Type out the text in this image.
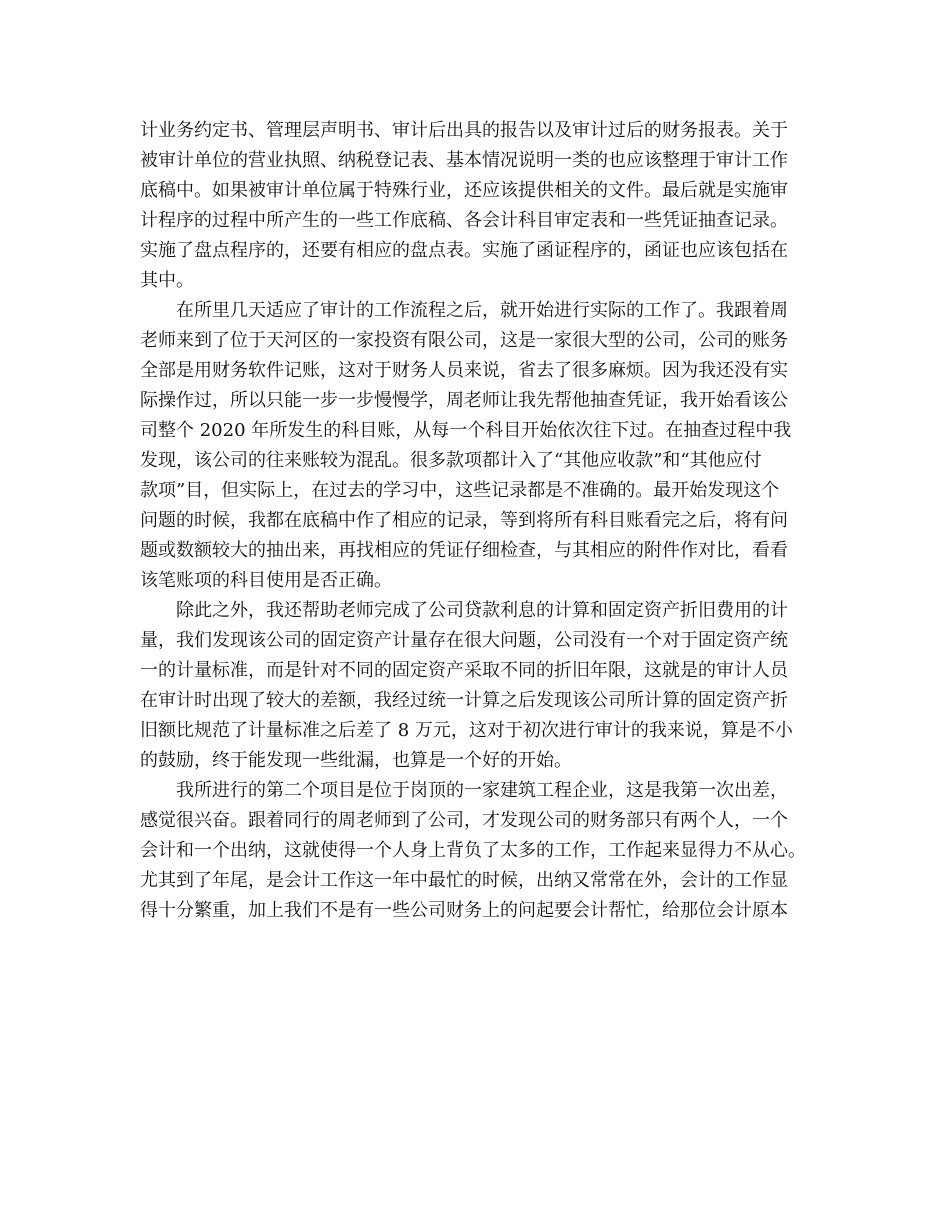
计业务约定书、管理层声明书、审计后出具的报告以及审计过后的财务报表。关于
被审计单位的营业执照、纳税登记表、基本情况说明一类的也应该整理于审计工作
底稿中。如果被审计单位属于特殊行业，还应该提供相关的文件。最后就是实施审
计程序的过程中所产生的一些工作底稿、各会计科目审定表和一些凭证抽查记录。
实施了盘点程序的，还要有相应的盘点表。实施了函证程序的，函证也应该包括在
其中。
在所里几天适应了审计的工作流程之后，就开始进行实际的工作了。我跟着周
老师来到了位于天河区的一家投资有限公司，这是一家很大型的公司，公司的账务
全部是用财务软件记账，这对于财务人员来说，省去了很多麻烦。因为我还没有实
际操作过，所以只能一步一步慢慢学，周老师让我先帮他抽查凭证，我开始看该公
司整个 2020 年所发生的科目账，从每一个科目开始依次往下过。在抽查过程中我
发现，该公司的往来账较为混乱。很多款项都计入了“其他应收款”和“其他应付
款项”目，但实际上，在过去的学习中，这些记录都是不准确的。最开始发现这个
问题的时候，我都在底稿中作了相应的记录，等到将所有科目账看完之后，将有问
题或数额较大的抽出来，再找相应的凭证仔细检查，与其相应的附件作对比，看看
该笔账项的科目使用是否正确。
除此之外，我还帮助老师完成了公司贷款利息的计算和固定资产折旧费用的计
量，我们发现该公司的固定资产计量存在很大问题，公司没有一个对于固定资产统
一的计量标准，而是针对不同的固定资产采取不同的折旧年限，这就是的审计人员
在审计时出现了较大的差额，我经过统一计算之后发现该公司所计算的固定资产折
旧额比规范了计量标准之后差了 8 万元，这对于初次进行审计的我来说，算是不小
的鼓励，终于能发现一些纰漏，也算是一个好的开始。
我所进行的第二个项目是位于岗顶的一家建筑工程企业，这是我第一次出差，
感觉很兴奋。跟着同行的周老师到了公司，才发现公司的财务部只有两个人，一个
会计和一个出纳，这就使得一个人身上背负了太多的工作，工作起来显得力不从心。
尤其到了年尾，是会计工作这一年中最忙的时候，出纳又常常在外，会计的工作显
得十分繁重，加上我们不是有一些公司财务上的问起要会计帮忙，给那位会计原本
